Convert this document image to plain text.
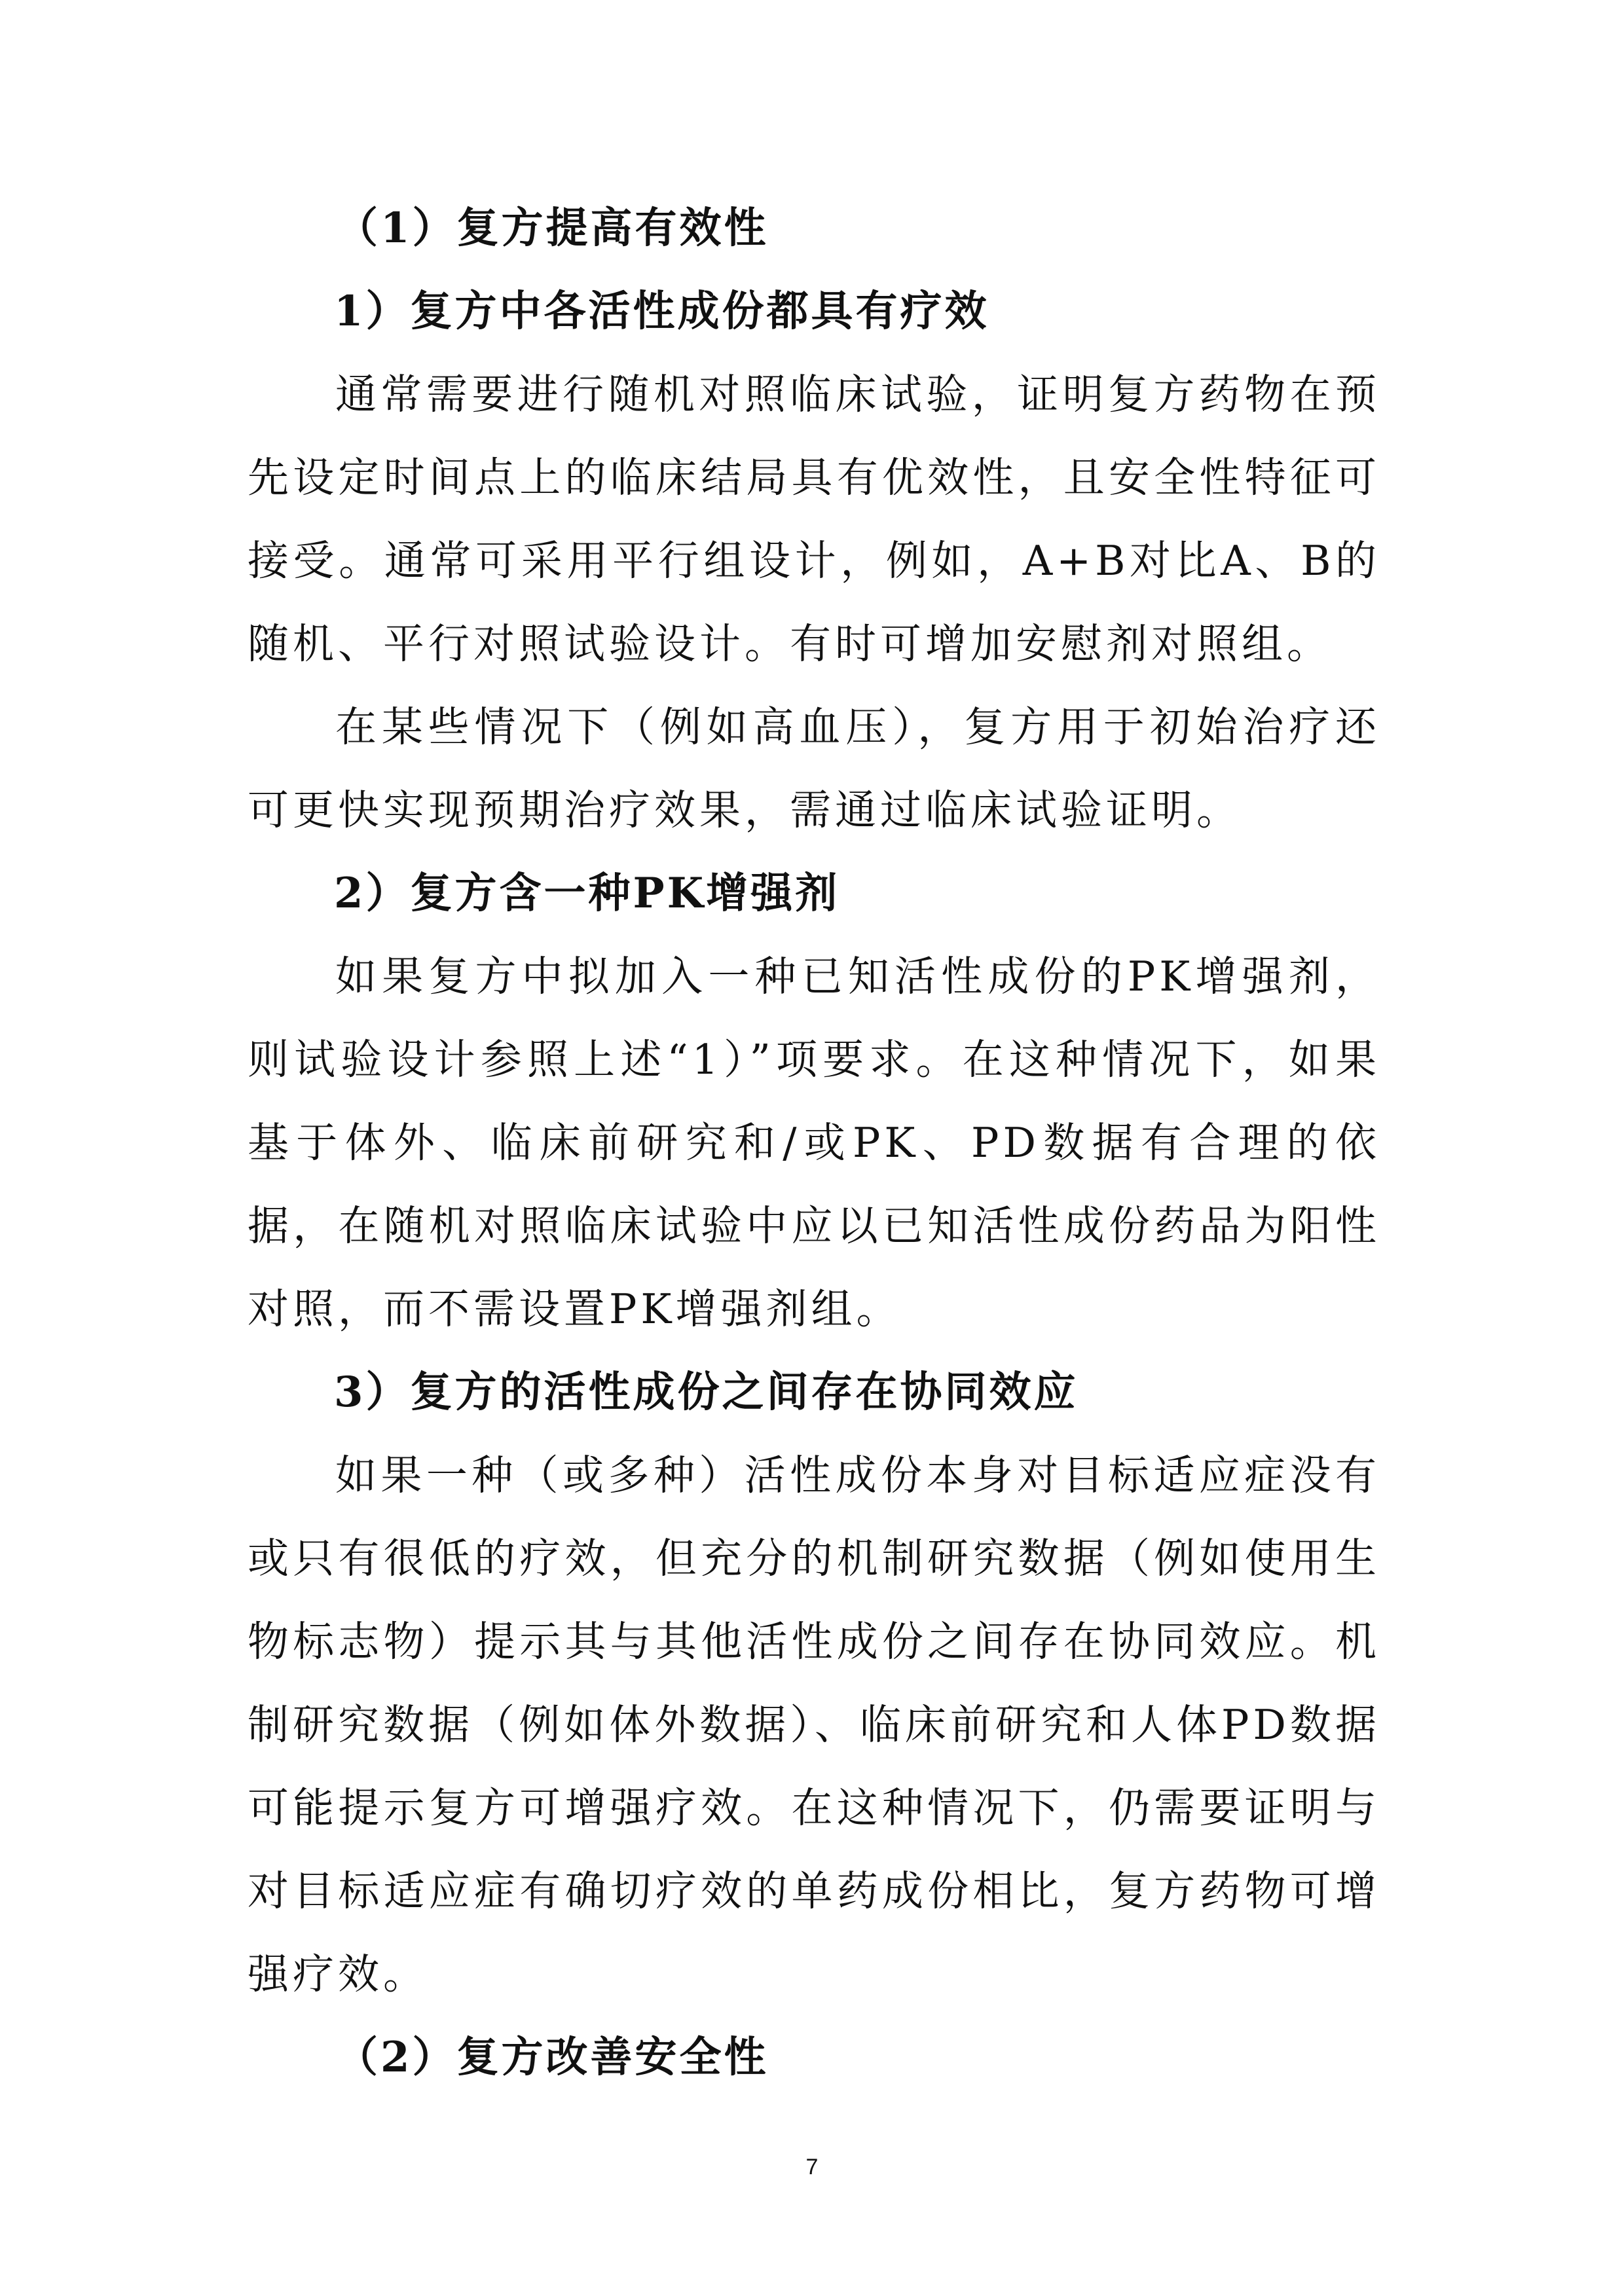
（1）复方提高有效性

1）复方中各活性成份都具有疗效

通常需要进行随机对照临床试验，证明复方药物在预先设定时间点上的临床结局具有优效性，且安全性特征可接受。通常可采用平行组设计，例如，A+B对比A、B的随机、平行对照试验设计。有时可增加安慰剂对照组。

在某些情况下（例如高血压），复方用于初始治疗还可更快实现预期治疗效果，需通过临床试验证明。

2）复方含一种PK增强剂

如果复方中拟加入一种已知活性成份的PK增强剂，则试验设计参照上述“1）”项要求。在这种情况下，如果基于体外、临床前研究和/或PK、PD数据有合理的依据，在随机对照临床试验中应以已知活性成份药品为阳性对照，而不需设置PK增强剂组。

3）复方的活性成份之间存在协同效应

如果一种（或多种）活性成份本身对目标适应症没有或只有很低的疗效，但充分的机制研究数据（例如使用生物标志物）提示其与其他活性成份之间存在协同效应。机制研究数据（例如体外数据）、临床前研究和人体PD数据可能提示复方可增强疗效。在这种情况下，仍需要证明与对目标适应症有确切疗效的单药成份相比，复方药物可增强疗效。

（2）复方改善安全性

7
